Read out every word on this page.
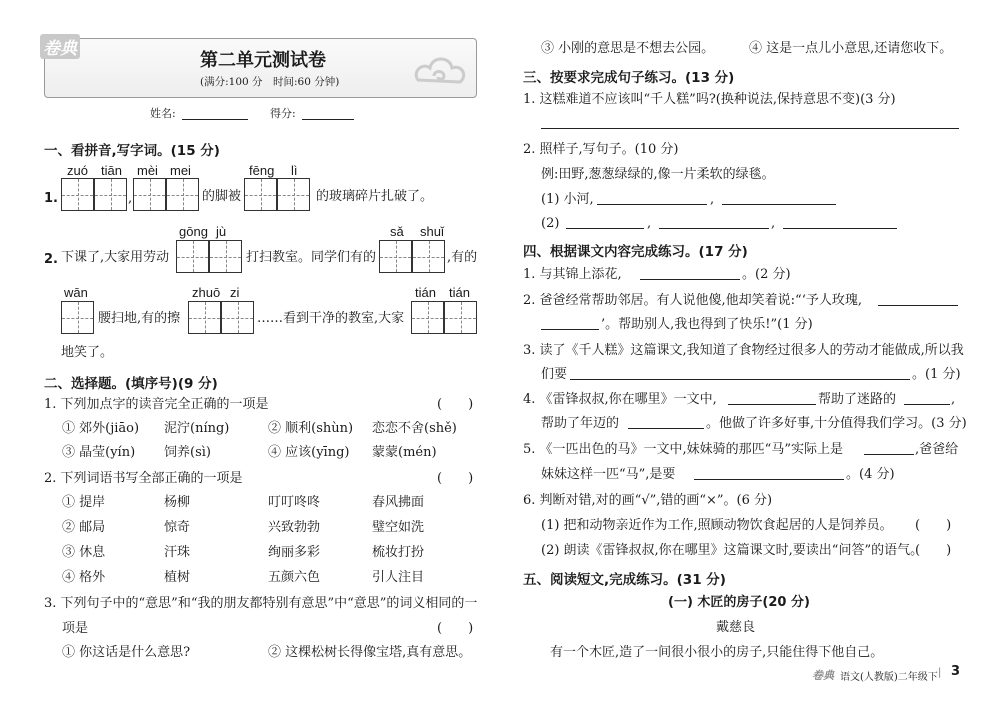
卷典
第二单元测试卷
(满分:100 分　时间:60 分钟)
姓名:	得分:
一、看拼音,写字词。(15 分)
zuó tiān mèi mei	fēng lì
1.	,	的脚被	的玻璃碎片扎破了。
gōng jù	sǎ shuǐ
2. 下课了,大家用劳动	打扫教室。同学们有的	,有的
wān	zhuō zi	tián tián
腰扫地,有的擦	……看到干净的教室,大家
地笑了。
二、选择题。(填序号)(9 分)
1. 下列加点字的读音完全正确的一项是	(　　)
① 郊外(jiāo) 泥泞(níng)	② 顺利(shùn) 恋恋不舍(shě)
③ 晶莹(yín) 饲养(sì)	④ 应该(yīng) 蒙蒙(mén)
2. 下列词语书写全部正确的一项是	(　　)
① 提岸	杨柳	叮叮咚咚	春风拂面
② 邮局	惊奇	兴致勃勃	璧空如洗
③ 休息	汗珠	绚丽多彩	梳妆打扮
④ 格外	植树	五颜六色	引人注目
3. 下列句子中的“意思”和“我的朋友都特别有意思”中“意思”的词义相同的一
项是	(　　)
① 你这话是什么意思?	② 这棵松树长得像宝塔,真有意思。
③ 小刚的意思是不想去公园。	④ 这是一点儿小意思,还请您收下。
三、按要求完成句子练习。(13 分)
1. 这糕难道不应该叫“千人糕”吗?(换种说法,保持意思不变)(3 分)
2. 照样子,写句子。(10 分)
例:田野,葱葱绿绿的,像一片柔软的绿毯。
(1) 小河,	,
(2)	,	,
四、根据课文内容完成练习。(17 分)
1. 与其锦上添花,	。(2 分)
2. 爸爸经常帮助邻居。有人说他傻,他却笑着说:“‘予人玫瑰,
’。帮助别人,我也得到了快乐!”(1 分)
3. 读了《千人糕》这篇课文,我知道了食物经过很多人的劳动才能做成,所以我
们要	。(1 分)
4. 《雷锋叔叔,你在哪里》一文中,	帮助了迷路的	,
帮助了年迈的	。他做了许多好事,十分值得我们学习。(3 分)
5. 《一匹出色的马》一文中,妹妹骑的那匹“马”实际上是	,爸爸给
妹妹这样一匹“马”,是要	。(4 分)
6. 判断对错,对的画“√”,错的画“×”。(6 分)
(1) 把和动物亲近作为工作,照顾动物饮食起居的人是饲养员。 (　　)
(2) 朗读《雷锋叔叔,你在哪里》这篇课文时,要读出“问答”的语气。
(　　)
五、阅读短文,完成练习。(31 分)
(一) 木匠的房子(20 分)
戴慈良
有一个木匠,造了一间很小很小的房子,只能住得下他自己。
卷典 语文(人教版)二年级下 | 3
